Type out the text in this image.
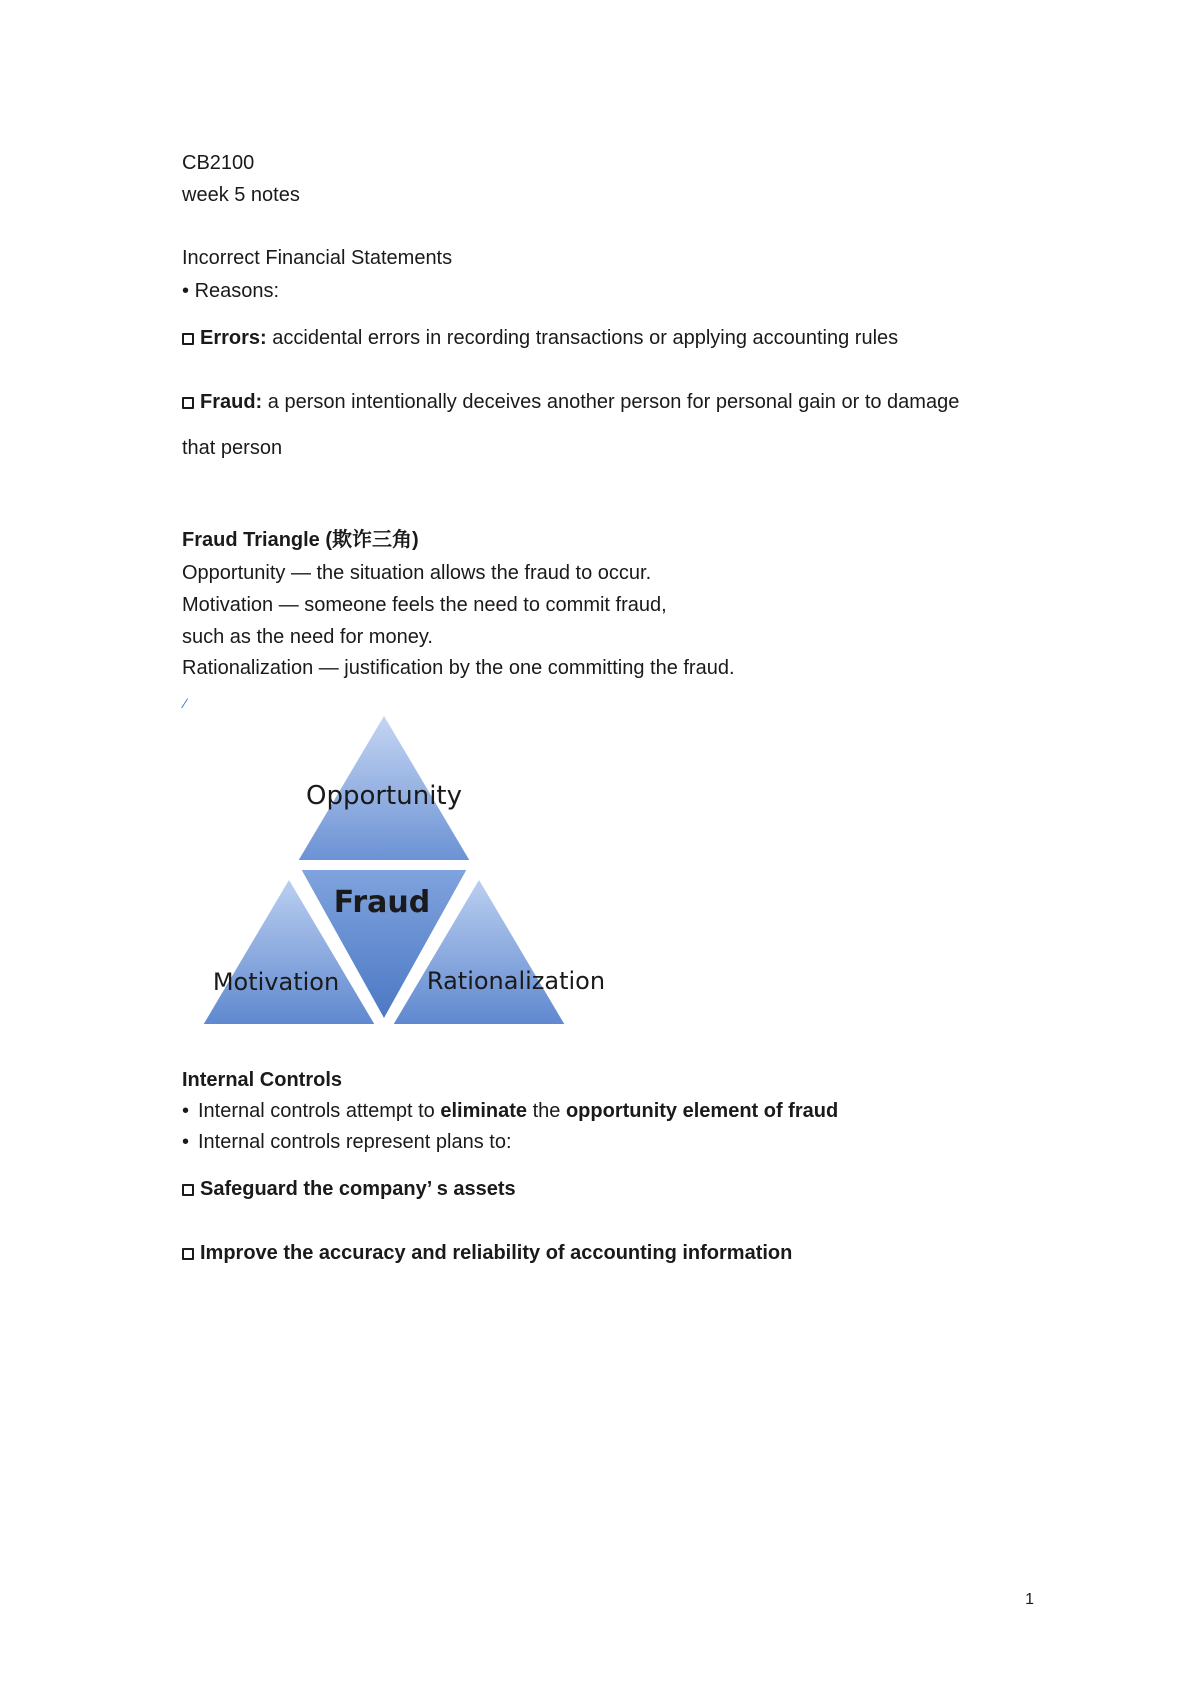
CB2100
week 5 notes
Incorrect Financial Statements
• Reasons:
Errors: accidental errors in recording transactions or applying accounting rules
Fraud: a person intentionally deceives another person for personal gain or to damage
that person
Fraud Triangle (欺诈三角)
Opportunity — the situation allows the fraud to occur.
Motivation — someone feels the need to commit fraud,
such as the need for money.
Rationalization — justification by the one committing the fraud.
⁄
Opportunity
Fraud
Motivation	Rationalization
Internal Controls
• Internal controls attempt to eliminate the opportunity element of fraud
• Internal controls represent plans to:
Safeguard the company’ s assets
Improve the accuracy and reliability of accounting information
1
